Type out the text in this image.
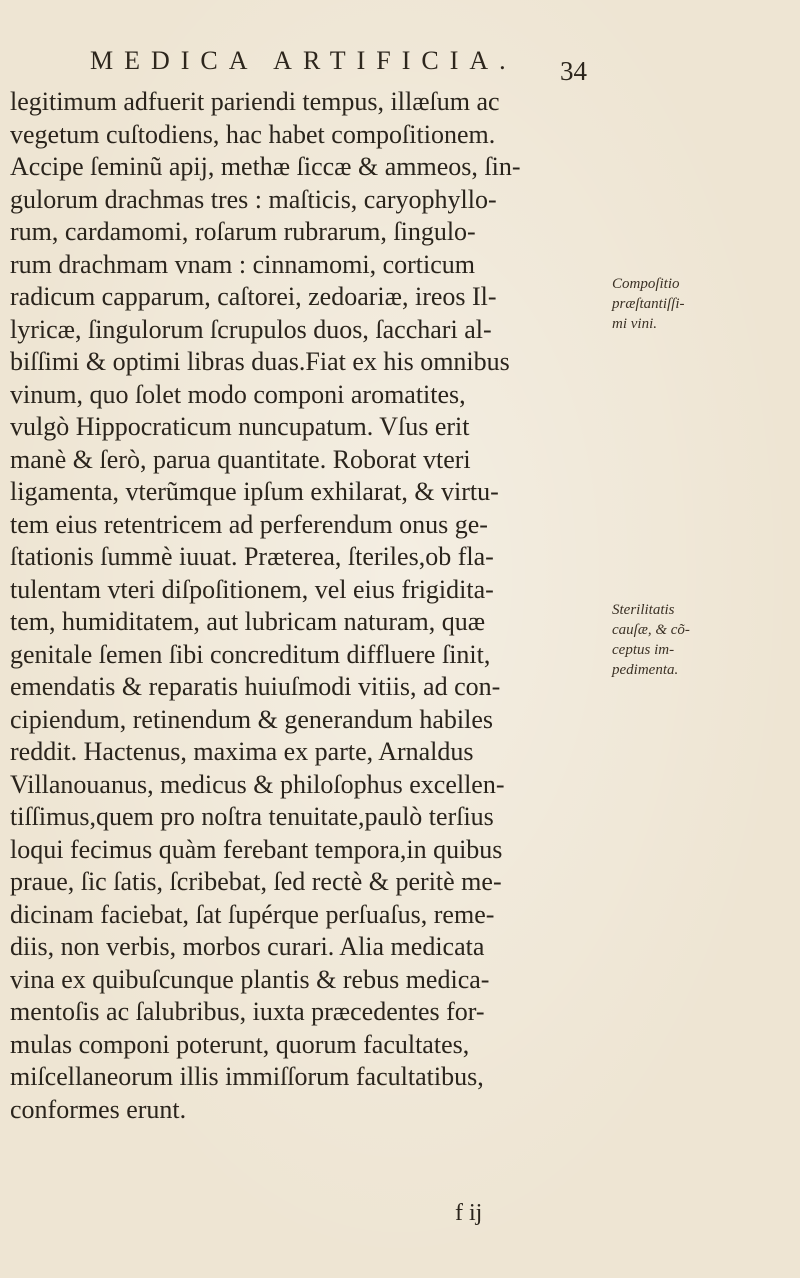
MEDICA ARTIFICIA.	34
legitimum adfuerit pariendi tempus, illæſum ac
vegetum cuſtodiens, hac habet compoſitionem.
Accipe ſeminũ apij, methæ ſiccæ & ammeos, ſin-
gulorum drachmas tres : maſticis, caryophyllo-
rum, cardamomi, roſarum rubrarum, ſingulo-
rum drachmam vnam : cinnamomi, corticum
radicum capparum, caſtorei, zedoariæ, ireos Il-
lyricæ, ſingulorum ſcrupulos duos, ſacchari al-
biſſimi & optimi libras duas.Fiat ex his omnibus
vinum, quo ſolet modo componi aromatites,
vulgò Hippocraticum nuncupatum. Vſus erit
manè & ſerò, parua quantitate. Roborat vteri
ligamenta, vterũmque ipſum exhilarat, & virtu-
tem eius retentricem ad perferendum onus ge-
ſtationis ſummè iuuat. Præterea, ſteriles,ob fla-
tulentam vteri diſpoſitionem, vel eius frigidita-
tem, humiditatem, aut lubricam naturam, quæ
genitale ſemen ſibi concreditum diffluere ſinit,
emendatis & reparatis huiuſmodi vitiis, ad con-
cipiendum, retinendum & generandum habiles
reddit. Hactenus, maxima ex parte, Arnaldus
Villanouanus, medicus & philoſophus excellen-
tiſſimus,quem pro noſtra tenuitate,paulò terſius
loqui fecimus quàm ferebant tempora,in quibus
praue, ſic ſatis, ſcribebat, ſed rectè & peritè me-
dicinam faciebat, ſat ſupérque perſuaſus, reme-
diis, non verbis, morbos curari. Alia medicata
vina ex quibuſcunque plantis & rebus medica-
mentoſis ac ſalubribus, iuxta præcedentes for-
mulas componi poterunt, quorum facultates,
miſcellaneorum illis immiſſorum facultatibus,
conformes erunt.
Compoſitio
præſtantiſſi-
mi vini.
Sterilitatis
cauſæ, & cõ-
ceptus im-
pedimenta.
f ij
